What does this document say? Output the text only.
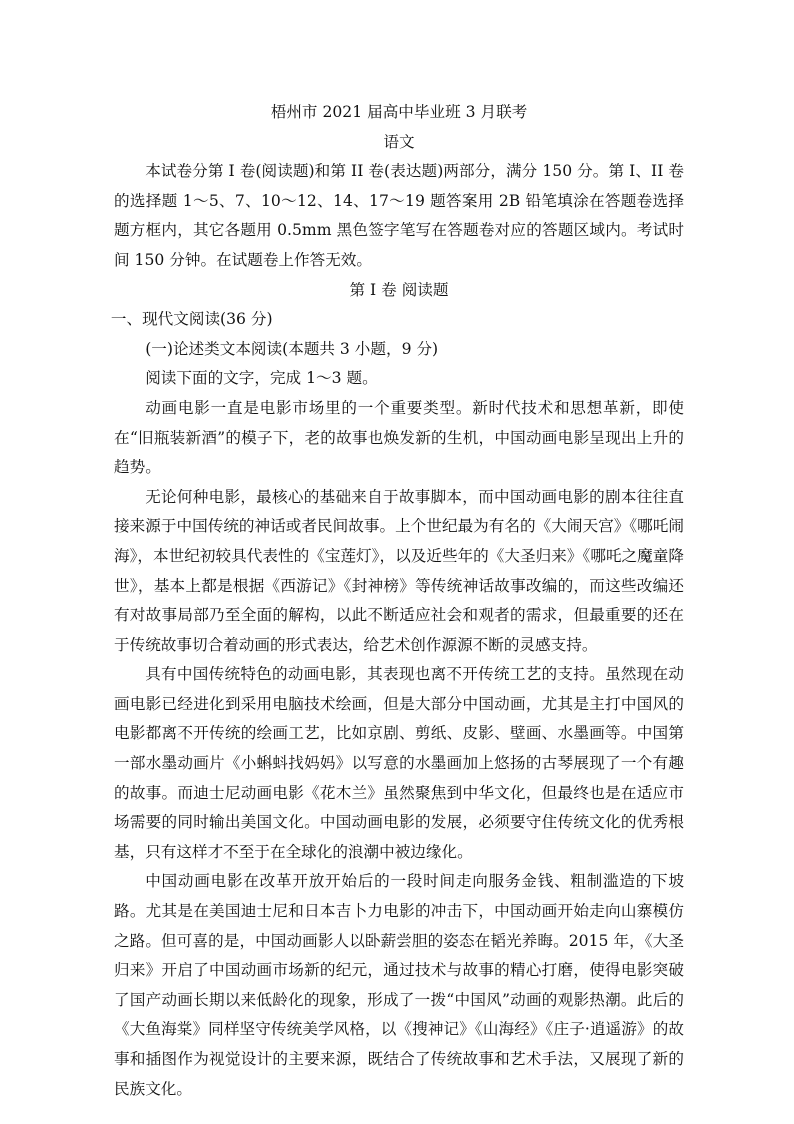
梧州市 2021 届高中毕业班 3 月联考

语文

本试卷分第 I 卷(阅读题)和第 II 卷(表达题)两部分，满分 150 分。第 I、II 卷的选择题 1～5、7、10～12、14、17～19 题答案用 2B 铅笔填涂在答题卷选择题方框内，其它各题用 0.5mm 黑色签字笔写在答题卷对应的答题区域内。考试时间 150 分钟。在试题卷上作答无效。

第 I 卷 阅读题

一、现代文阅读(36 分)

(一)论述类文本阅读(本题共 3 小题，9 分)

阅读下面的文字，完成 1～3 题。

动画电影一直是电影市场里的一个重要类型。新时代技术和思想革新，即使在“旧瓶装新酒”的模子下，老的故事也焕发新的生机，中国动画电影呈现出上升的趋势。

无论何种电影，最核心的基础来自于故事脚本，而中国动画电影的剧本往往直接来源于中国传统的神话或者民间故事。上个世纪最为有名的《大闹天宫》《哪吒闹海》，本世纪初较具代表性的《宝莲灯》，以及近些年的《大圣归来》《哪吒之魔童降世》，基本上都是根据《西游记》《封神榜》等传统神话故事改编的，而这些改编还有对故事局部乃至全面的解构，以此不断适应社会和观者的需求，但最重要的还在于传统故事切合着动画的形式表达，给艺术创作源源不断的灵感支持。

具有中国传统特色的动画电影，其表现也离不开传统工艺的支持。虽然现在动画电影已经进化到采用电脑技术绘画，但是大部分中国动画，尤其是主打中国风的电影都离不开传统的绘画工艺，比如京剧、剪纸、皮影、壁画、水墨画等。中国第一部水墨动画片《小蝌蚪找妈妈》以写意的水墨画加上悠扬的古琴展现了一个有趣的故事。而迪士尼动画电影《花木兰》虽然聚焦到中华文化，但最终也是在适应市场需要的同时输出美国文化。中国动画电影的发展，必须要守住传统文化的优秀根基，只有这样才不至于在全球化的浪潮中被边缘化。

中国动画电影在改革开放开始后的一段时间走向服务金钱、粗制滥造的下坡路。尤其是在美国迪士尼和日本吉卜力电影的冲击下，中国动画开始走向山寨模仿之路。但可喜的是，中国动画影人以卧薪尝胆的姿态在韬光养晦。2015 年，《大圣归来》开启了中国动画市场新的纪元，通过技术与故事的精心打磨，使得电影突破了国产动画长期以来低龄化的现象，形成了一拨“中国风”动画的观影热潮。此后的《大鱼海棠》同样坚守传统美学风格，以《搜神记》《山海经》《庄子·逍遥游》的故事和插图作为视觉设计的主要来源，既结合了传统故事和艺术手法，又展现了新的民族文化。
